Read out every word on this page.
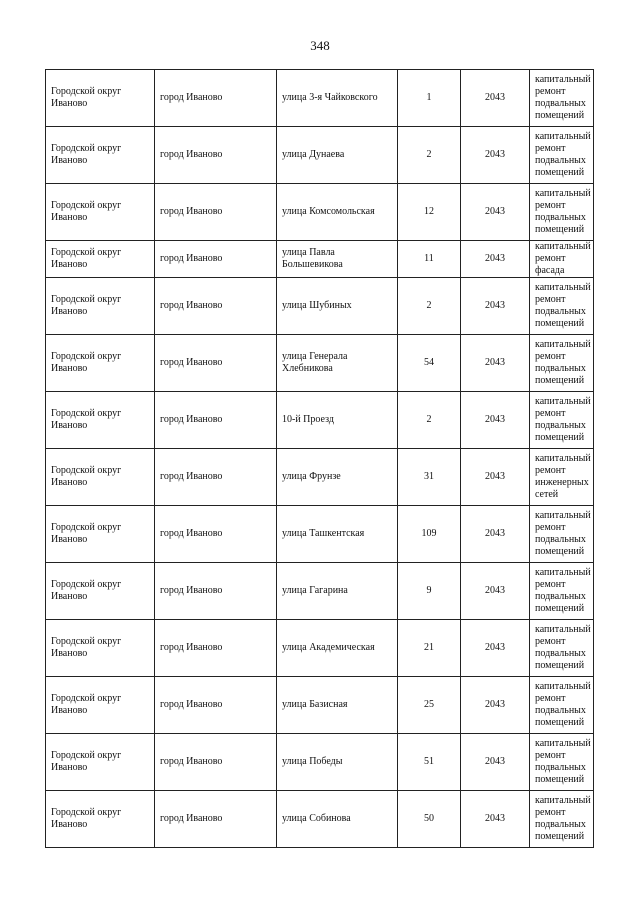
348
Городской округ Иваново	город Иваново	улица 3-я Чайковского	1	2043	капитальный ремонт подвальных помещений
Городской округ Иваново	город Иваново	улица Дунаева	2	2043	капитальный ремонт подвальных помещений
Городской округ Иваново	город Иваново	улица Комсомольская	12	2043	капитальный ремонт подвальных помещений
Городской округ Иваново	город Иваново	улица Павла Большевикова	11	2043	капитальный ремонт фасада
Городской округ Иваново	город Иваново	улица Шубиных	2	2043	капитальный ремонт подвальных помещений
Городской округ Иваново	город Иваново	улица Генерала Хлебникова	54	2043	капитальный ремонт подвальных помещений
Городской округ Иваново	город Иваново	10-й Проезд	2	2043	капитальный ремонт подвальных помещений
Городской округ Иваново	город Иваново	улица Фрунзе	31	2043	капитальный ремонт инженерных сетей
Городской округ Иваново	город Иваново	улица Ташкентская	109	2043	капитальный ремонт подвальных помещений
Городской округ Иваново	город Иваново	улица Гагарина	9	2043	капитальный ремонт подвальных помещений
Городской округ Иваново	город Иваново	улица Академическая	21	2043	капитальный ремонт подвальных помещений
Городской округ Иваново	город Иваново	улица Базисная	25	2043	капитальный ремонт подвальных помещений
Городской округ Иваново	город Иваново	улица Победы	51	2043	капитальный ремонт подвальных помещений
Городской округ Иваново	город Иваново	улица Собинова	50	2043	капитальный ремонт подвальных помещений
